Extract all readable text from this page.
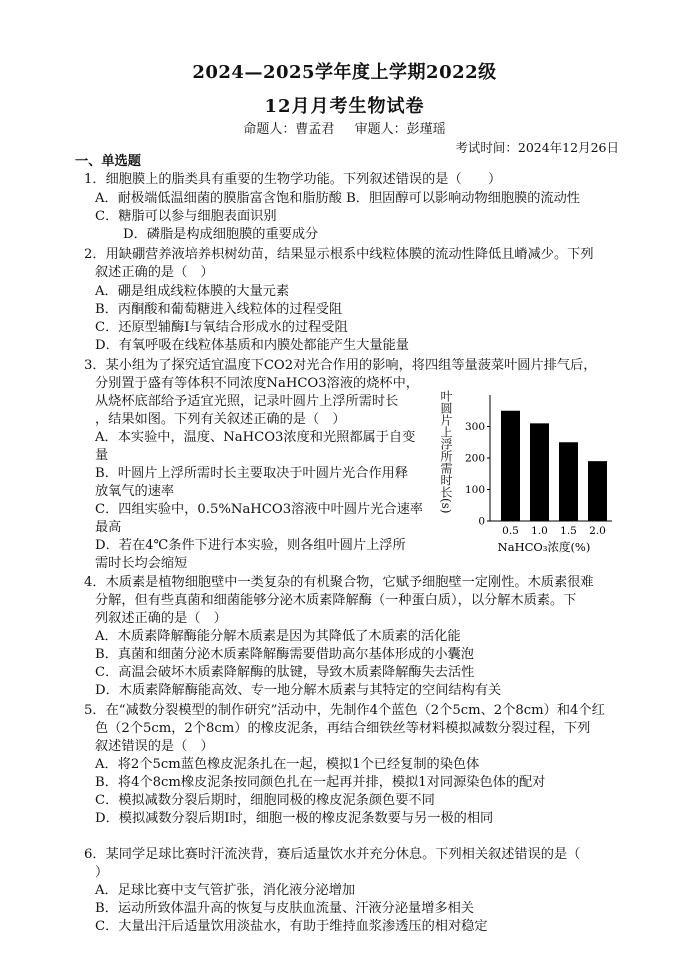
2024—2025学年度上学期2022级
12月月考生物试卷
命题人：曹孟君 审题人：彭瑾瑶
考试时间：2024年12月26日
一、单选题
1．细胞膜上的脂类具有重要的生物学功能。下列叙述错误的是（　　）
A．耐极端低温细菌的膜脂富含饱和脂肪酸 B．胆固醇可以影响动物细胞膜的流动性
C．糖脂可以参与细胞表面识别
D．磷脂是构成细胞膜的重要成分
2．用缺硼营养液培养枳树幼苗，结果显示根系中线粒体膜的流动性降低且嵴减少。下列
叙述正确的是（　）
A．硼是组成线粒体膜的大量元素
B．丙酮酸和葡萄糖进入线粒体的过程受阻
C．还原型辅酶Ⅰ与氧结合形成水的过程受阻
D．有氧呼吸在线粒体基质和内膜处都能产生大量能量
3．某小组为了探究适宜温度下CO2对光合作用的影响，将四组等量菠菜叶圆片排气后，
分别置于盛有等体积不同浓度NaHCO3溶液的烧杯中，
从烧杯底部给予适宜光照，记录叶圆片上浮所需时长
，结果如图。下列有关叙述正确的是（　）
A．本实验中，温度、NaHCO3浓度和光照都属于自变
量
B．叶圆片上浮所需时长主要取决于叶圆片光合作用释
放氧气的速率
C．四组实验中，0.5%NaHCO3溶液中叶圆片光合速率
最高
D．若在4℃条件下进行本实验，则各组叶圆片上浮所
需时长均会缩短
叶圆片上浮所需时长(s)
0
100
200
300
0.5 1.0 1.5 2.0
NaHCO₃浓度(%)
4．木质素是植物细胞壁中一类复杂的有机聚合物，它赋予细胞壁一定刚性。木质素很难
分解，但有些真菌和细菌能够分泌木质素降解酶（一种蛋白质），以分解木质素。下
列叙述正确的是（　）
A．木质素降解酶能分解木质素是因为其降低了木质素的活化能
B．真菌和细菌分泌木质素降解酶需要借助高尔基体形成的小囊泡
C．高温会破坏木质素降解酶的肽键，导致木质素降解酶失去活性
D．木质素降解酶能高效、专一地分解木质素与其特定的空间结构有关
5．在“减数分裂模型的制作研究”活动中，先制作4个蓝色（2个5cm、2个8cm）和4个红
色（2个5cm，2个8cm）的橡皮泥条，再结合细铁丝等材料模拟减数分裂过程，下列
叙述错误的是（　）
A．将2个5cm蓝色橡皮泥条扎在一起，模拟1个已经复制的染色体
B．将4个8cm橡皮泥条按同颜色扎在一起再并排，模拟1对同源染色体的配对
C．模拟减数分裂后期时，细胞同极的橡皮泥条颜色要不同
D．模拟减数分裂后期Ⅰ时，细胞一极的橡皮泥条数要与另一极的相同
6．某同学足球比赛时汗流浃背，赛后适量饮水并充分休息。下列相关叙述错误的是（
）
A．足球比赛中支气管扩张，消化液分泌增加
B．运动所致体温升高的恢复与皮肤血流量、汗液分泌量增多相关
C．大量出汗后适量饮用淡盐水，有助于维持血浆渗透压的相对稳定
